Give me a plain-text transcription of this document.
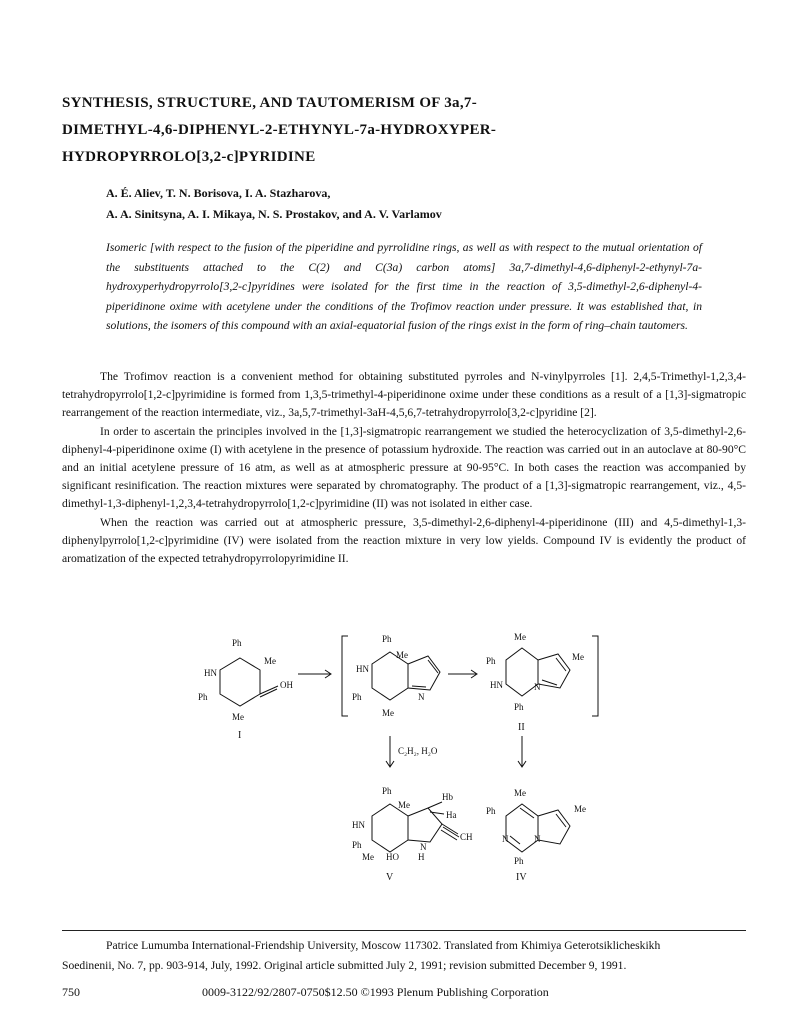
SYNTHESIS, STRUCTURE, AND TAUTOMERISM OF 3a,7-
DIMETHYL-4,6-DIPHENYL-2-ETHYNYL-7a-HYDROXYPER-
HYDROPYRROLO[3,2-c]PYRIDINE
A. É. Aliev, T. N. Borisova, I. A. Stazharova,
A. A. Sinitsyna, A. I. Mikaya, N. S. Prostakov, and A. V. Varlamov
Isomeric [with respect to the fusion of the piperidine and pyrrolidine rings, as well as with respect to the mutual orientation of the substituents attached to the C(2) and C(3a) carbon atoms] 3a,7-dimethyl-4,6-diphenyl-2-ethynyl-7a-hydroxyperhydropyrrolo[3,2-c]pyridines were isolated for the first time in the reaction of 3,5-dimethyl-2,6-diphenyl-4-piperidinone oxime with acetylene under the conditions of the Trofimov reaction under pressure. It was established that, in solutions, the isomers of this compound with an axial-equatorial fusion of the rings exist in the form of ring–chain tautomers.

The Trofimov reaction is a convenient method for obtaining substituted pyrroles and N-vinylpyrroles [1]. 2,4,5-Trimethyl-1,2,3,4-tetrahydropyrrolo[1,2-c]pyrimidine is formed from 1,3,5-trimethyl-4-piperidinone oxime under these conditions as a result of a [1,3]-sigmatropic rearrangement of the reaction intermediate, viz., 3a,5,7-trimethyl-3aH-4,5,6,7-tetrahydropyrrolo[3,2-c]pyridine [2].

In order to ascertain the principles involved in the [1,3]-sigmatropic rearrangement we studied the heterocyclization of 3,5-dimethyl-2,6-diphenyl-4-piperidinone oxime (I) with acetylene in the presence of potassium hydroxide. The reaction was carried out in an autoclave at 80-90°C and an initial acetylene pressure of 16 atm, as well as at atmospheric pressure at 90-95°C. In both cases the reaction was accompanied by significant resinification. The reaction mixtures were separated by chromatography. The product of a [1,3]-sigmatropic rearrangement, viz., 4,5-dimethyl-1,3-diphenyl-1,2,3,4-tetrahydropyrrolo[1,2-c]pyrimidine (II) was not isolated in either case.

When the reaction was carried out at atmospheric pressure, 3,5-dimethyl-2,6-diphenyl-4-piperidinone (III) and 4,5-dimethyl-1,3-diphenylpyrrolo[1,2-c]pyrimidine (IV) were isolated from the reaction mixture in very low yields. Compound IV is evidently the product of aromatization of the expected tetrahydropyrrolopyrimidine II.

Ph
Me
HN
OH
Ph
Me
I
Ph
Me
HN
N
Ph
Me
Me
Ph	Me
HN	N
Ph
II
C₂H₂, H₂O
Ph
Me
Hb
Ha
HN
CH
Ph	N
Me HO H
V
Me
Ph	Me
N	N
Ph
IV
Patrice Lumumba International-Friendship University, Moscow 117302. Translated from Khimiya Geterotsiklicheskikh
Soedinenii, No. 7, pp. 903-914, July, 1992. Original article submitted July 2, 1991; revision submitted December 9, 1991.
750	0009-3122/92/2807-0750$12.50 ©1993 Plenum Publishing Corporation
